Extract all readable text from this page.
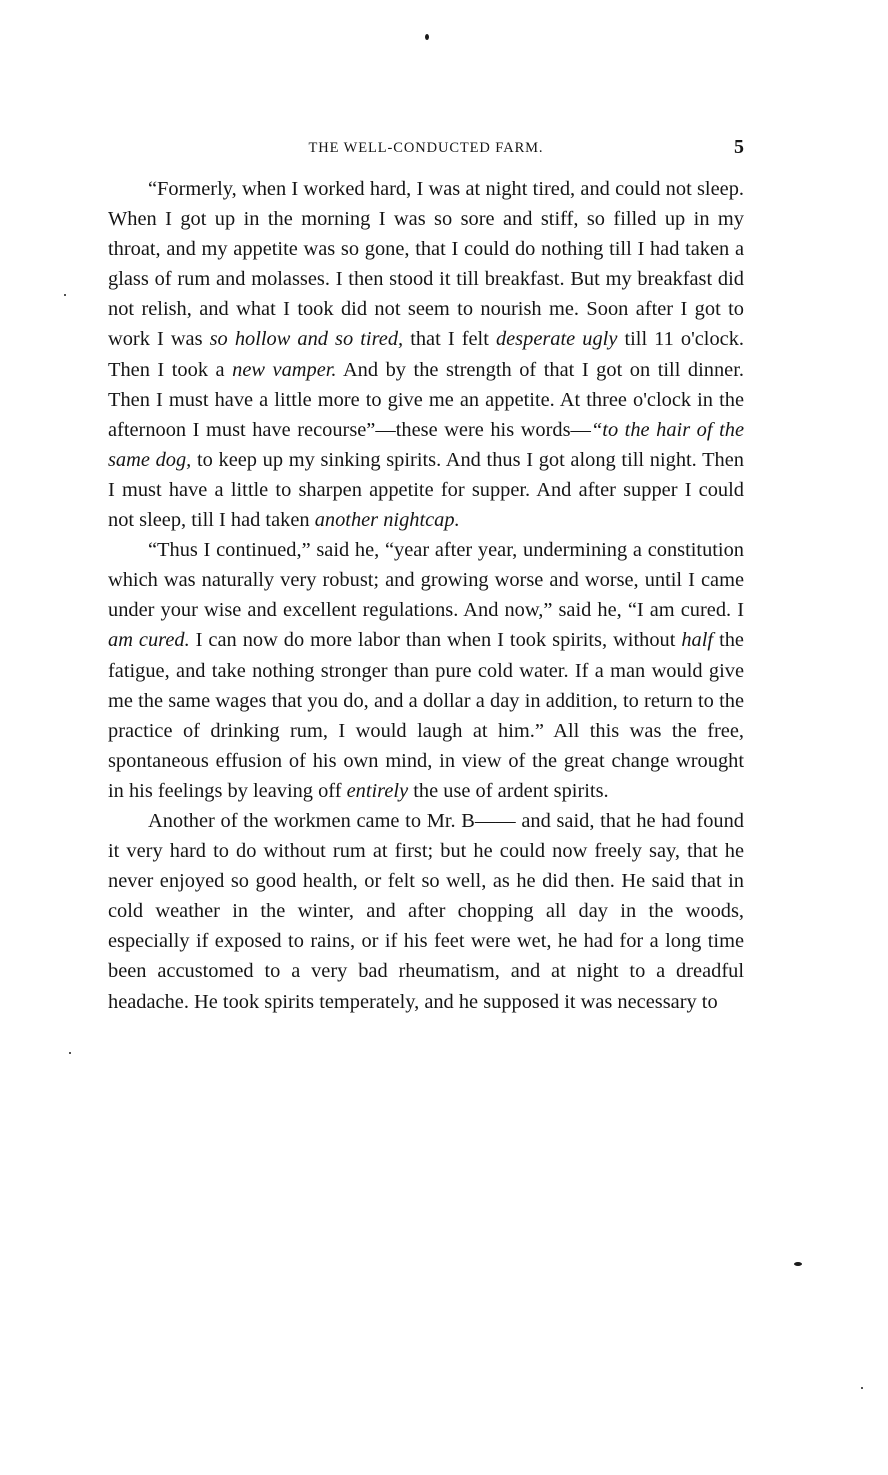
THE WELL-CONDUCTED FARM.	5

“Formerly, when I worked hard, I was at night tired, and could not sleep. When I got up in the morning I was so sore and stiff, so filled up in my throat, and my appetite was so gone, that I could do nothing till I had taken a glass of rum and molasses. I then stood it till breakfast. But my breakfast did not relish, and what I took did not seem to nourish me. Soon after I got to work I was so hollow and so tired, that I felt desperate ugly till 11 o'clock. Then I took a new vamper. And by the strength of that I got on till dinner. Then I must have a little more to give me an appetite. At three o'clock in the afternoon I must have recourse”—these were his words—“to the hair of the same dog, to keep up my sinking spirits. And thus I got along till night. Then I must have a little to sharpen appetite for supper. And after supper I could not sleep, till I had taken another nightcap.

“Thus I continued,” said he, “year after year, undermining a constitution which was naturally very robust; and growing worse and worse, until I came under your wise and excellent regulations. And now,” said he, “I am cured. I am cured. I can now do more labor than when I took spirits, without half the fatigue, and take nothing stronger than pure cold water. If a man would give me the same wages that you do, and a dollar a day in addition, to return to the practice of drinking rum, I would laugh at him.” All this was the free, spontaneous effusion of his own mind, in view of the great change wrought in his feelings by leaving off entirely the use of ardent spirits.

Another of the workmen came to Mr. B—— and said, that he had found it very hard to do without rum at first; but he could now freely say, that he never enjoyed so good health, or felt so well, as he did then. He said that in cold weather in the winter, and after chopping all day in the woods, especially if exposed to rains, or if his feet were wet, he had for a long time been accustomed to a very bad rheumatism, and at night to a dreadful headache. He took spirits temperately, and he supposed it was necessary to
